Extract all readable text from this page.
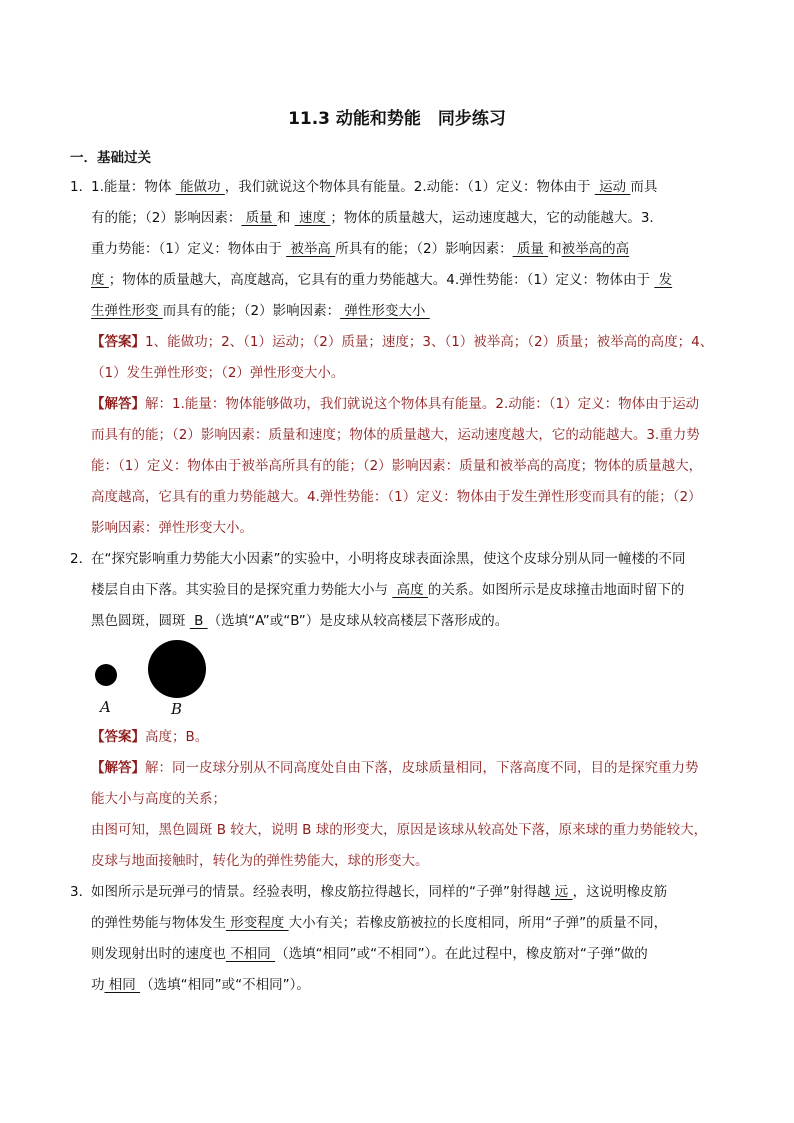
11.3 动能和势能　同步练习
一．基础过关
1．
1.能量：物体  能做功 ，我们就说这个物体具有能量。2.动能：（1）定义：物体由于  运动 而具
有的能；（2）影响因素： 质量 和  速度 ；物体的质量越大，运动速度越大，它的动能越大。3.
重力势能：（1）定义：物体由于  被举高 所具有的能；（2）影响因素： 质量 和被举高的高
度 ；物体的质量越大，高度越高，它具有的重力势能越大。4.弹性势能：（1）定义：物体由于  发
生弹性形变 而具有的能；（2）影响因素： 弹性形变大小
【答案】1、能做功；2、（1）运动；（2）质量；速度；3、（1）被举高；（2）质量；被举高的高度；4、
（1）发生弹性形变；（2）弹性形变大小。
【解答】解：1.能量：物体能够做功，我们就说这个物体具有能量。2.动能：（1）定义：物体由于运动
而具有的能；（2）影响因素：质量和速度；物体的质量越大，运动速度越大，它的动能越大。3.重力势
能：（1）定义：物体由于被举高所具有的能；（2）影响因素：质量和被举高的高度；物体的质量越大，
高度越高，它具有的重力势能越大。4.弹性势能：（1）定义：物体由于发生弹性形变而具有的能；（2）
影响因素：弹性形变大小。
2．
在“探究影响重力势能大小因素”的实验中，小明将皮球表面涂黑，使这个皮球分别从同一幢楼的不同
楼层自由下落。其实验目的是探究重力势能大小与  高度 的关系。如图所示是皮球撞击地面时留下的
黑色圆斑，圆斑  B （选填“A”或“B”）是皮球从较高楼层下落形成的。
A	B
【答案】高度；B。
【解答】解：同一皮球分别从不同高度处自由下落，皮球质量相同，下落高度不同，目的是探究重力势
能大小与高度的关系；
由图可知，黑色圆斑 B 较大，说明 B 球的形变大，原因是该球从较高处下落，原来球的重力势能较大，
皮球与地面接触时，转化为的弹性势能大，球的形变大。
3．
如图所示是玩弹弓的情景。经验表明，橡皮筋拉得越长，同样的“子弹”射得越 远 ，这说明橡皮筋
的弹性势能与物体发生 形变程度 大小有关；若橡皮筋被拉的长度相同，所用“子弹”的质量不同，
则发现射出时的速度也 不相同 （选填“相同”或“不相同”）。在此过程中，橡皮筋对“子弹”做的
功 相同 （选填“相同”或“不相同”）。
